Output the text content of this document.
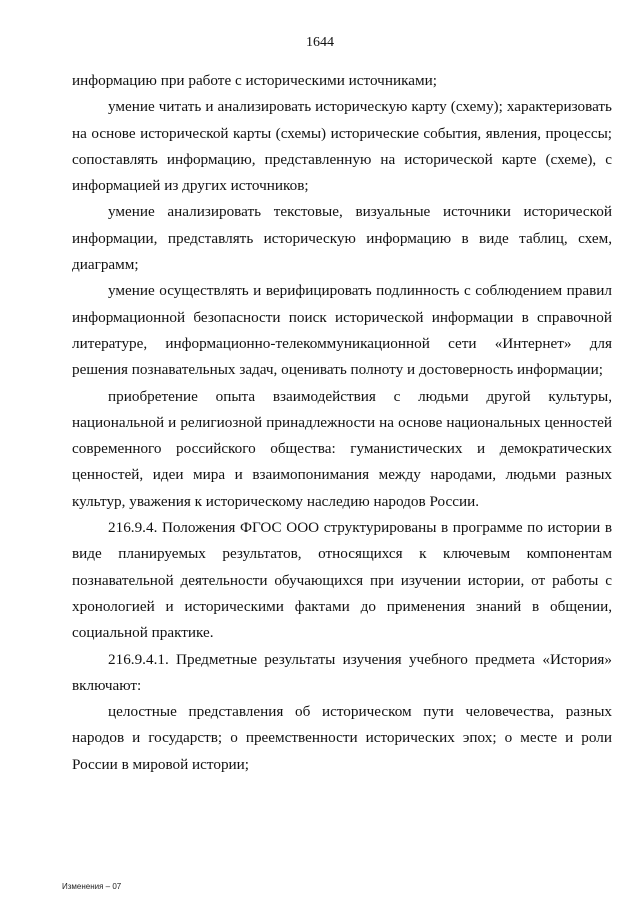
1644

информацию при работе с историческими источниками;

умение читать и анализировать историческую карту (схему); характеризовать на основе исторической карты (схемы) исторические события, явления, процессы; сопоставлять информацию, представленную на исторической карте (схеме), с информацией из других источников;

умение анализировать текстовые, визуальные источники исторической информации, представлять историческую информацию в виде таблиц, схем, диаграмм;

умение осуществлять и верифицировать подлинность с соблюдением правил информационной безопасности поиск исторической информации в справочной литературе, информационно-телекоммуникационной сети «Интернет» для решения познавательных задач, оценивать полноту и достоверность информации;

приобретение опыта взаимодействия с людьми другой культуры, национальной и религиозной принадлежности на основе национальных ценностей современного российского общества: гуманистических и демократических ценностей, идеи мира и взаимопонимания между народами, людьми разных культур, уважения к историческому наследию народов России.

216.9.4. Положения ФГОС ООО структурированы в программе по истории в виде планируемых результатов, относящихся к ключевым компонентам познавательной деятельности обучающихся при изучении истории, от работы с хронологией и историческими фактами до применения знаний в общении, социальной практике.

216.9.4.1. Предметные результаты изучения учебного предмета «История» включают:

целостные представления об историческом пути человечества, разных народов и государств; о преемственности исторических эпох; о месте и роли России в мировой истории;

Изменения – 07
